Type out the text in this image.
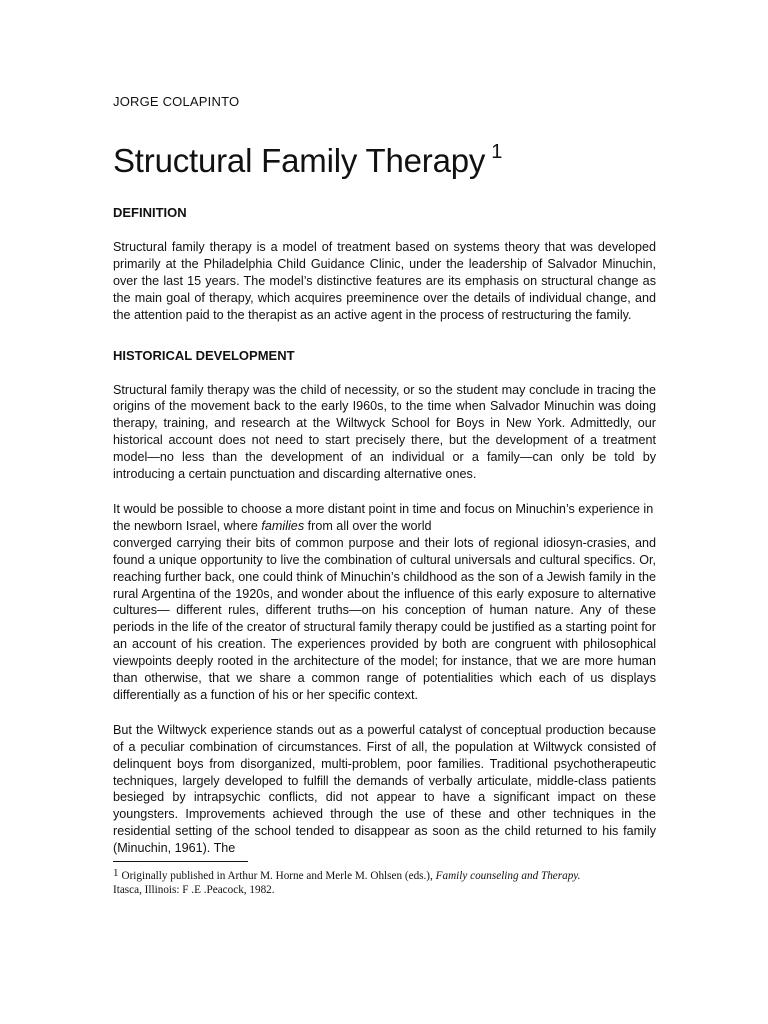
JORGE COLAPINTO

Structural Family Therapy $^1$
DEFINITION

Structural family therapy is a model of treatment based on systems theory that was developed primarily at the Philadelphia Child Guidance Clinic, under the leadership of Salvador Minuchin, over the last 15 years. The model’s distinctive features are its emphasis on structural change as the main goal of therapy, which acquires preeminence over the details of individual change, and the attention paid to the therapist as an active agent in the process of restructuring the family.

HISTORICAL DEVELOPMENT

Structural family therapy was the child of necessity, or so the student may conclude in tracing the origins of the movement back to the early I960s, to the time when Salvador Minuchin was doing therapy, training, and research at the Wiltwyck School for Boys in New York. Admittedly, our historical account does not need to start precisely there, but the development of a treatment model—no less than the development of an individual or a family—can only be told by introducing a certain punctuation and discarding alternative ones.

It would be possible to choose a more distant point in time and focus on Minuchin’s experience in the newborn Israel, where families from all over the world
converged carrying their bits of common purpose and their lots of regional idiosyn-crasies, and found a unique opportunity to live the combination of cultural universals and cultural specifics. Or, reaching further back, one could think of Minuchin’s childhood as the son of a Jewish family in the rural Argentina of the 1920s, and wonder about the influence of this early exposure to alternative cultures— different rules, different truths—on his conception of human nature. Any of these periods in the life of the creator of structural family therapy could be justified as a starting point for an account of his creation. The experiences provided by both are congruent with philosophical viewpoints deeply rooted in the architecture of the model; for instance, that we are more human than otherwise, that we share a common range of potentialities which each of us displays differentially as a function of his or her specific context.

But the Wiltwyck experience stands out as a powerful catalyst of conceptual production because of a peculiar combination of circumstances. First of all, the population at Wiltwyck consisted of delinquent boys from disorganized, multi-problem, poor families. Traditional psychotherapeutic techniques, largely developed to fulfill the demands of verbally articulate, middle-class patients besieged by intrapsychic conflicts, did not appear to have a significant impact on these youngsters. Improvements achieved through the use of these and other techniques in the residential setting of the school tended to disappear as soon as the child returned to his family (Minuchin, 1961). The

$^1$ Originally published in Arthur M. Horne and Merle M. Ohlsen (eds.), Family counseling and Therapy.
Itasca, Illinois: F .E .Peacock, 1982.
